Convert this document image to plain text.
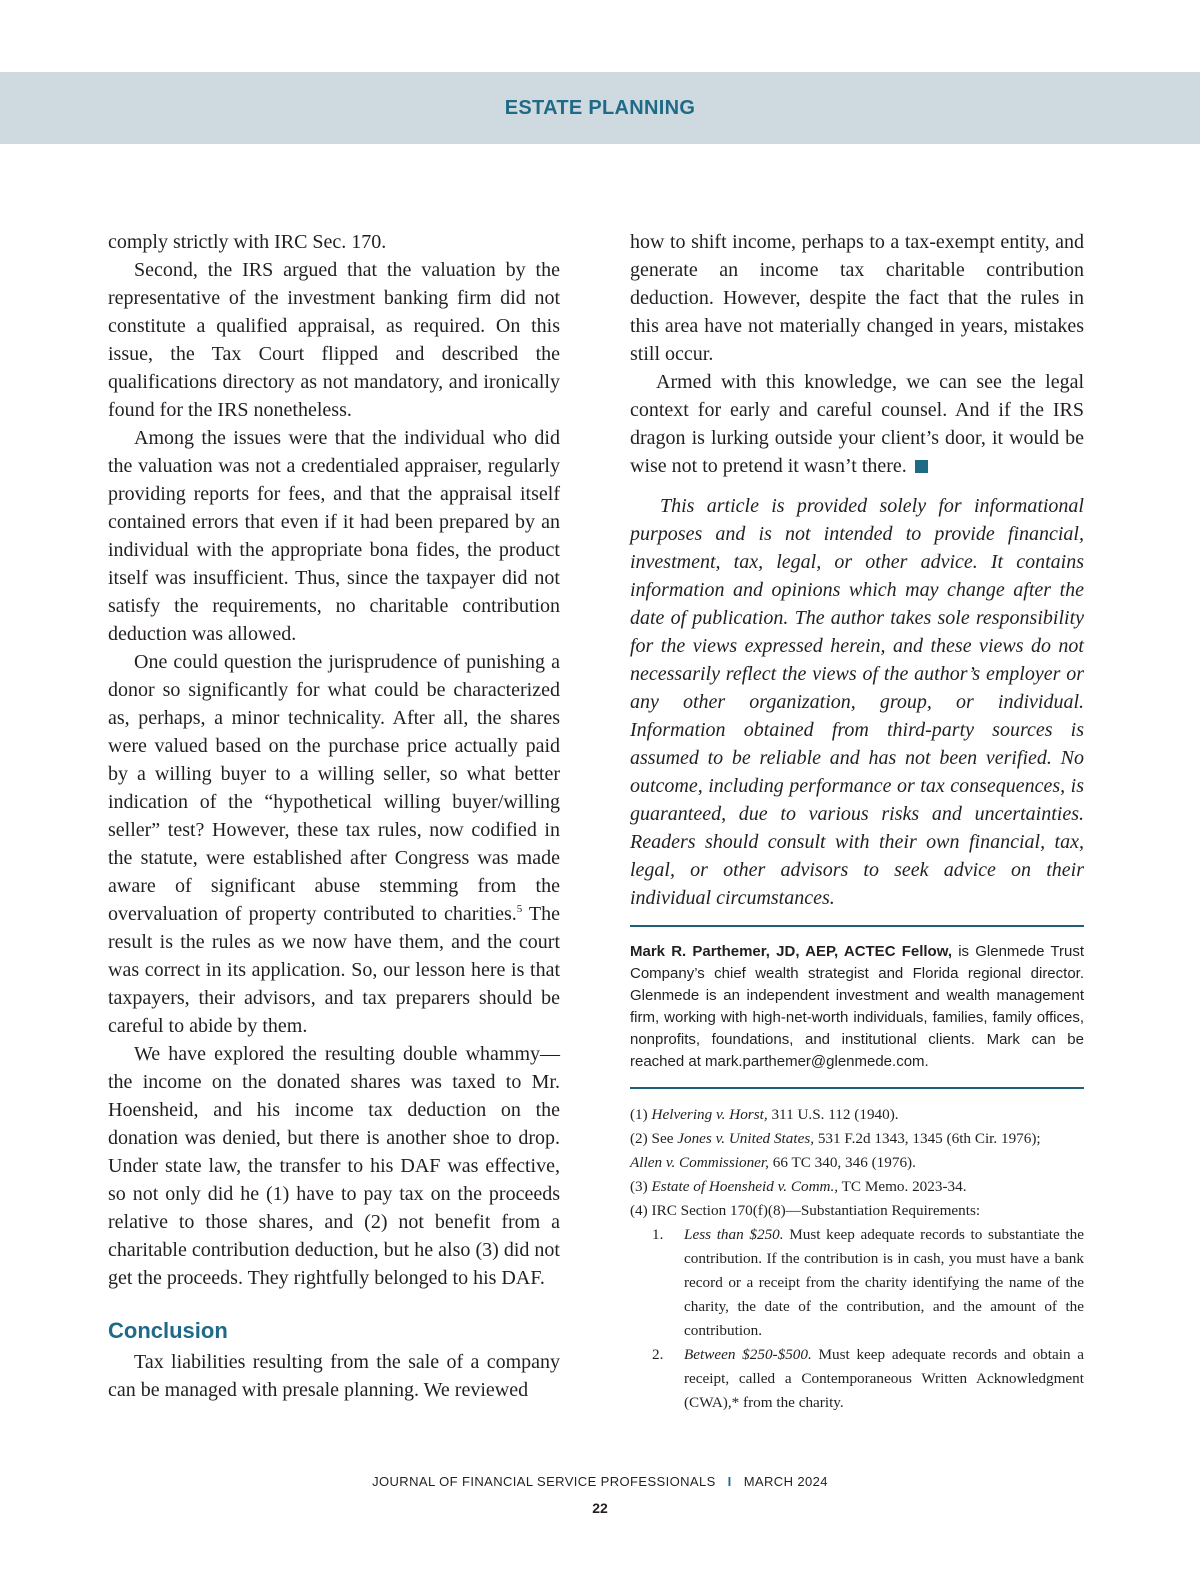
ESTATE PLANNING

comply strictly with IRC Sec. 170.

Second, the IRS argued that the valuation by the representative of the investment banking firm did not constitute a qualified appraisal, as required. On this issue, the Tax Court flipped and described the qualifications directory as not mandatory, and ironically found for the IRS nonetheless.

Among the issues were that the individual who did the valuation was not a credentialed appraiser, regularly providing reports for fees, and that the appraisal itself contained errors that even if it had been prepared by an individual with the appropriate bona fides, the product itself was insufficient. Thus, since the taxpayer did not satisfy the requirements, no charitable contribution deduction was allowed.

One could question the jurisprudence of punishing a donor so significantly for what could be characterized as, perhaps, a minor technicality. After all, the shares were valued based on the purchase price actually paid by a willing buyer to a willing seller, so what better indication of the “hypothetical willing buyer/willing seller” test? However, these tax rules, now codified in the statute, were established after Congress was made aware of significant abuse stemming from the overvaluation of property contributed to charities.$^5$ The result is the rules as we now have them, and the court was correct in its application. So, our lesson here is that taxpayers, their advisors, and tax preparers should be careful to abide by them.

We have explored the resulting double whammy—the income on the donated shares was taxed to Mr. Hoensheid, and his income tax deduction on the donation was denied, but there is another shoe to drop. Under state law, the transfer to his DAF was effective, so not only did he (1) have to pay tax on the proceeds relative to those shares, and (2) not benefit from a charitable contribution deduction, but he also (3) did not get the proceeds. They rightfully belonged to his DAF.

Conclusion

Tax liabilities resulting from the sale of a company can be managed with presale planning. We reviewed

how to shift income, perhaps to a tax-exempt entity, and generate an income tax charitable contribution deduction. However, despite the fact that the rules in this area have not materially changed in years, mistakes still occur.

Armed with this knowledge, we can see the legal context for early and careful counsel. And if the IRS dragon is lurking outside your client’s door, it would be wise not to pretend it wasn’t there.

This article is provided solely for informational purposes and is not intended to provide financial, investment, tax, legal, or other advice. It contains information and opinions which may change after the date of publication. The author takes sole responsibility for the views expressed herein, and these views do not necessarily reflect the views of the author’s employer or any other organization, group, or individual. Information obtained from third-party sources is assumed to be reliable and has not been verified. No outcome, including performance or tax consequences, is guaranteed, due to various risks and uncertainties. Readers should consult with their own financial, tax, legal, or other advisors to seek advice on their individual circumstances.
Mark R. Parthemer, JD, AEP, ACTEC Fellow, is Glenmede Trust Company’s chief wealth strategist and Florida regional director. Glenmede is an independent investment and wealth management firm, working with high-net-worth individuals, families, family offices, nonprofits, foundations, and institutional clients. Mark can be reached at mark.parthemer@glenmede.com.

(1) Helvering v. Horst, 311 U.S. 112 (1940).

(2) See Jones v. United States, 531 F.2d 1343, 1345 (6th Cir. 1976);
Allen v. Commissioner, 66 TC 340, 346 (1976).

(3) Estate of Hoensheid v. Comm., TC Memo. 2023-34.

(4) IRC Section 170(f)(8)—Substantiation Requirements:

1.	Less than $250. Must keep adequate records to substantiate the contribution. If the contribution is in cash, you must have a bank record or a receipt from the charity identifying the name of the charity, the date of the contribution, and the amount of the contribution.
2.	Between $250-$500. Must keep adequate records and obtain a receipt, called a Contemporaneous Written Acknowledgment (CWA),* from the charity.
JOURNAL OF FINANCIAL SERVICE PROFESSIONALS I MARCH 2024
22
